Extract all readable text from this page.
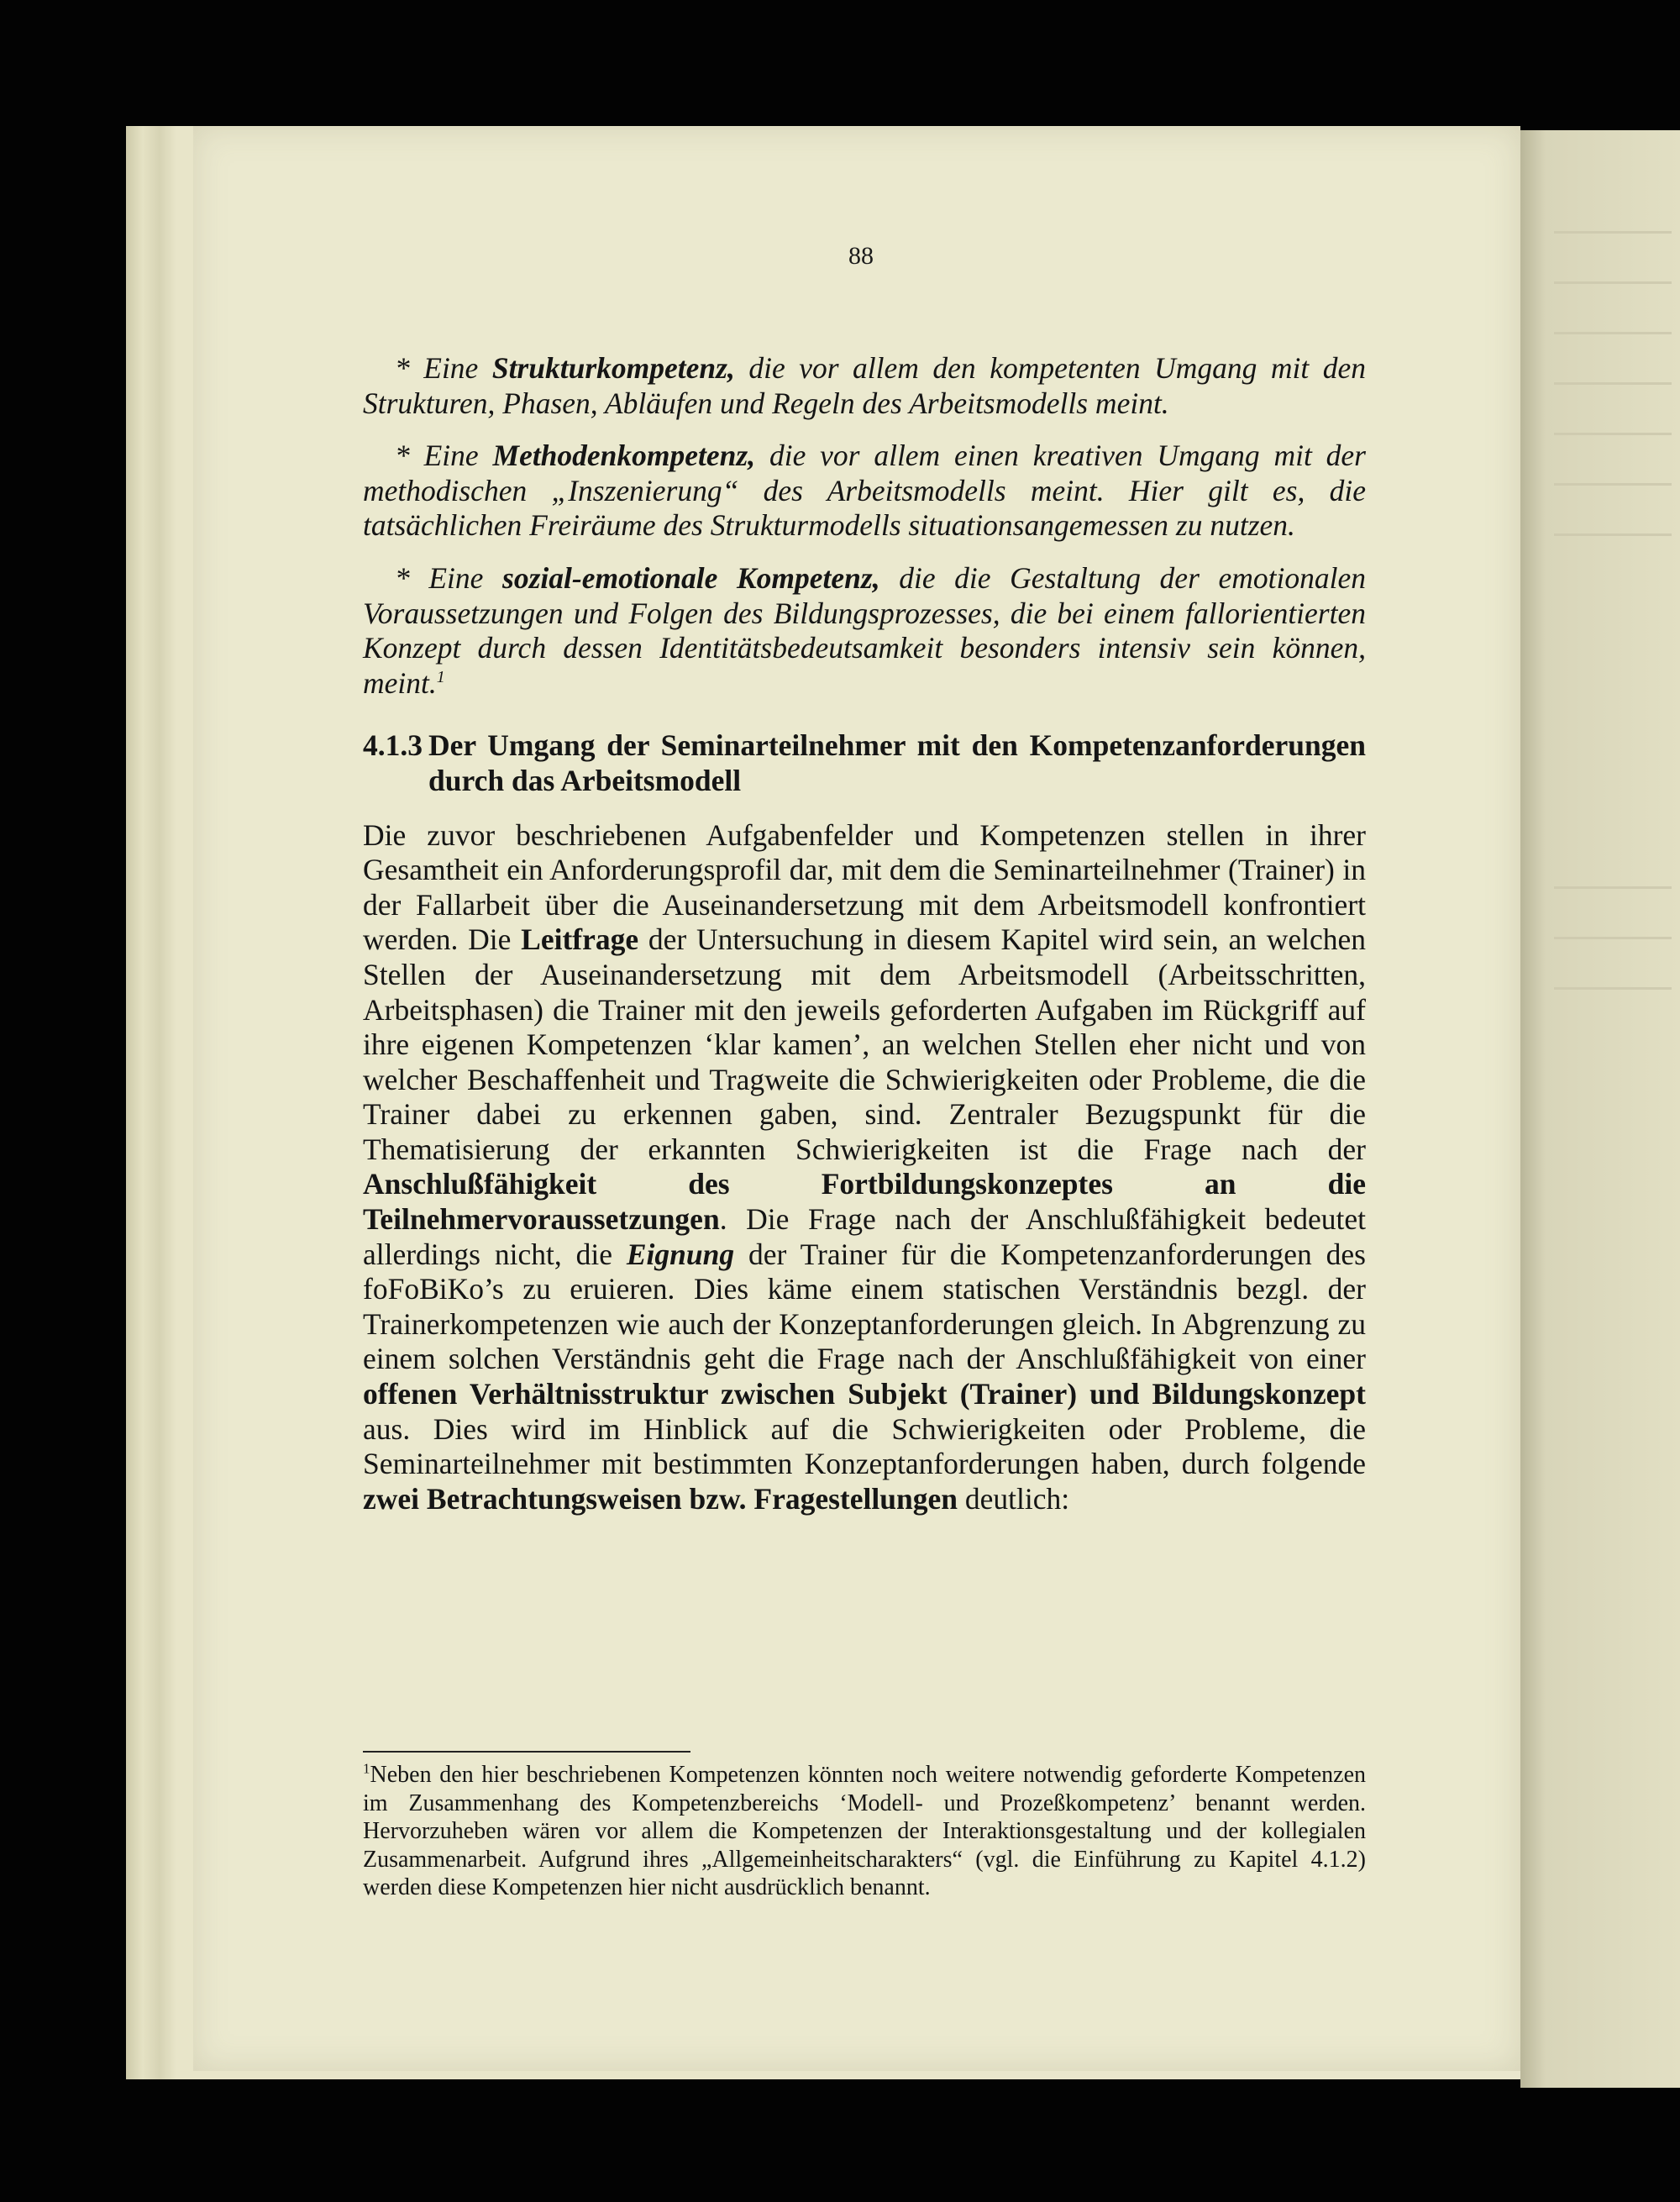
88

* Eine Strukturkompetenz, die vor allem den kompetenten Umgang mit den Strukturen, Phasen, Abläufen und Regeln des Arbeitsmodells meint.

* Eine Methodenkompetenz, die vor allem einen kreativen Umgang mit der methodischen „Inszenierung“ des Arbeitsmodells meint. Hier gilt es, die tatsächlichen Freiräume des Strukturmodells situationsangemessen zu nutzen.

* Eine sozial-emotionale Kompetenz, die die Gestaltung der emotionalen Voraussetzungen und Folgen des Bildungsprozesses, die bei einem fallorientierten Konzept durch dessen Identitätsbedeutsamkeit besonders intensiv sein können, meint.$^1$

4.1.3 Der Umgang der Seminarteilnehmer mit den Kompetenzanforderungen durch das Arbeitsmodell

Die zuvor beschriebenen Aufgabenfelder und Kompetenzen stellen in ihrer Gesamtheit ein Anforderungsprofil dar, mit dem die Seminarteilnehmer (Trainer) in der Fallarbeit über die Auseinandersetzung mit dem Arbeitsmodell konfrontiert werden. Die Leitfrage der Untersuchung in diesem Kapitel wird sein, an welchen Stellen der Auseinandersetzung mit dem Arbeitsmodell (Arbeitsschritten, Arbeitsphasen) die Trainer mit den jeweils geforderten Aufgaben im Rückgriff auf ihre eigenen Kompetenzen ‘klar kamen’, an welchen Stellen eher nicht und von welcher Beschaffenheit und Tragweite die Schwierigkeiten oder Probleme, die die Trainer dabei zu erkennen gaben, sind. Zentraler Bezugspunkt für die Thematisierung der erkannten Schwierigkeiten ist die Frage nach der Anschlußfähigkeit des Fortbildungskonzeptes an die Teilnehmervoraussetzungen. Die Frage nach der Anschlußfähigkeit bedeutet allerdings nicht, die Eignung der Trainer für die Kompetenzanforderungen des foFoBiKo’s zu eruieren. Dies käme einem statischen Verständnis bezgl. der Trainerkompetenzen wie auch der Konzeptanforderungen gleich. In Abgrenzung zu einem solchen Verständnis geht die Frage nach der Anschlußfähigkeit von einer offenen Verhältnisstruktur zwischen Subjekt (Trainer) und Bildungskonzept aus. Dies wird im Hinblick auf die Schwierigkeiten oder Probleme, die Seminarteilnehmer mit bestimmten Konzeptanforderungen haben, durch folgende zwei Betrachtungsweisen bzw. Fragestellungen deutlich:

$^1$Neben den hier beschriebenen Kompetenzen könnten noch weitere notwendig geforderte Kompetenzen im Zusammenhang des Kompetenzbereichs ‘Modell- und Prozeßkompetenz’ benannt werden. Hervorzuheben wären vor allem die Kompetenzen der Interaktionsgestaltung und der kollegialen Zusammenarbeit. Aufgrund ihres „Allgemeinheitscharakters“ (vgl. die Einführung zu Kapitel 4.1.2) werden diese Kompetenzen hier nicht ausdrücklich benannt.
